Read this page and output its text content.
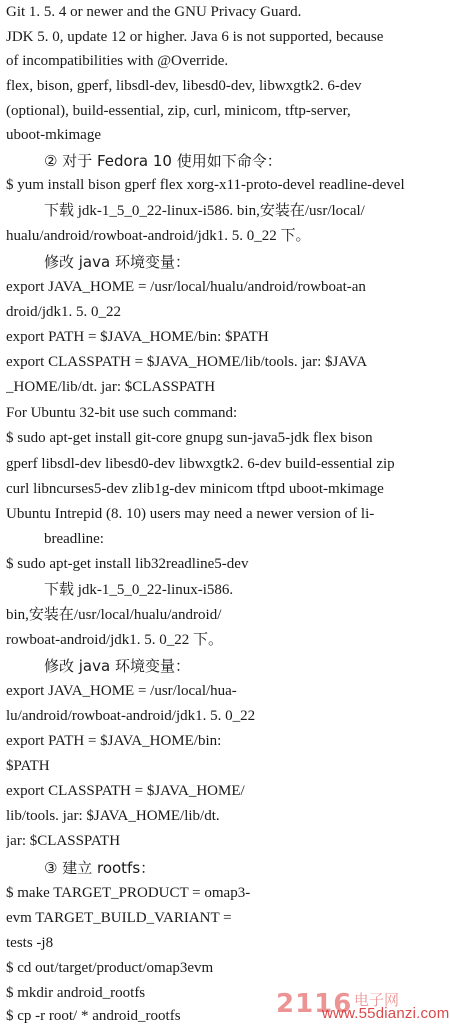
Git 1. 5. 4 or newer and the GNU Privacy Guard.
JDK 5. 0, update 12 or higher. Java 6 is not supported, because
of incompatibilities with @Override.
flex, bison, gperf, libsdl-dev, libesd0-dev, libwxgtk2. 6-dev
(optional), build-essential, zip, curl, minicom, tftp-server,
uboot-mkimage
② 对于 Fedora 10 使用如下命令：
$ yum install bison gperf flex xorg-x11-proto-devel readline-devel
下载 jdk-1_5_0_22-linux-i586. bin,安装在/usr/local/
hualu/android/rowboat-android/jdk1. 5. 0_22 下。
修改 java 环境变量：
export JAVA_HOME = /usr/local/hualu/android/rowboat-an
droid/jdk1. 5. 0_22
export PATH = $JAVA_HOME/bin: $PATH
export CLASSPATH = $JAVA_HOME/lib/tools. jar: $JAVA
_HOME/lib/dt. jar: $CLASSPATH
For Ubuntu 32-bit use such command:
$ sudo apt-get install git-core gnupg sun-java5-jdk flex bison
gperf libsdl-dev libesd0-dev libwxgtk2. 6-dev build-essential zip
curl libncurses5-dev zlib1g-dev minicom tftpd uboot-mkimage
Ubuntu Intrepid (8. 10) users may need a newer version of li-
breadline:
$ sudo apt-get install lib32readline5-dev
下载 jdk-1_5_0_22-linux-i586.
bin,安装在/usr/local/hualu/android/
rowboat-android/jdk1. 5. 0_22 下。
修改 java 环境变量：
export JAVA_HOME = /usr/local/hua-
lu/android/rowboat-android/jdk1. 5. 0_22
export PATH = $JAVA_HOME/bin:
$PATH
export CLASSPATH = $JAVA_HOME/
lib/tools. jar: $JAVA_HOME/lib/dt.
jar: $CLASSPATH
③ 建立 rootfs：
$ make TARGET_PRODUCT = omap3-
evm TARGET_BUILD_VARIANT =
tests -j8
$ cd out/target/product/omap3evm
$ mkdir android_rootfs
$ cp -r root/ * android_rootfs	2116 电子网
www.55dianzi.com
